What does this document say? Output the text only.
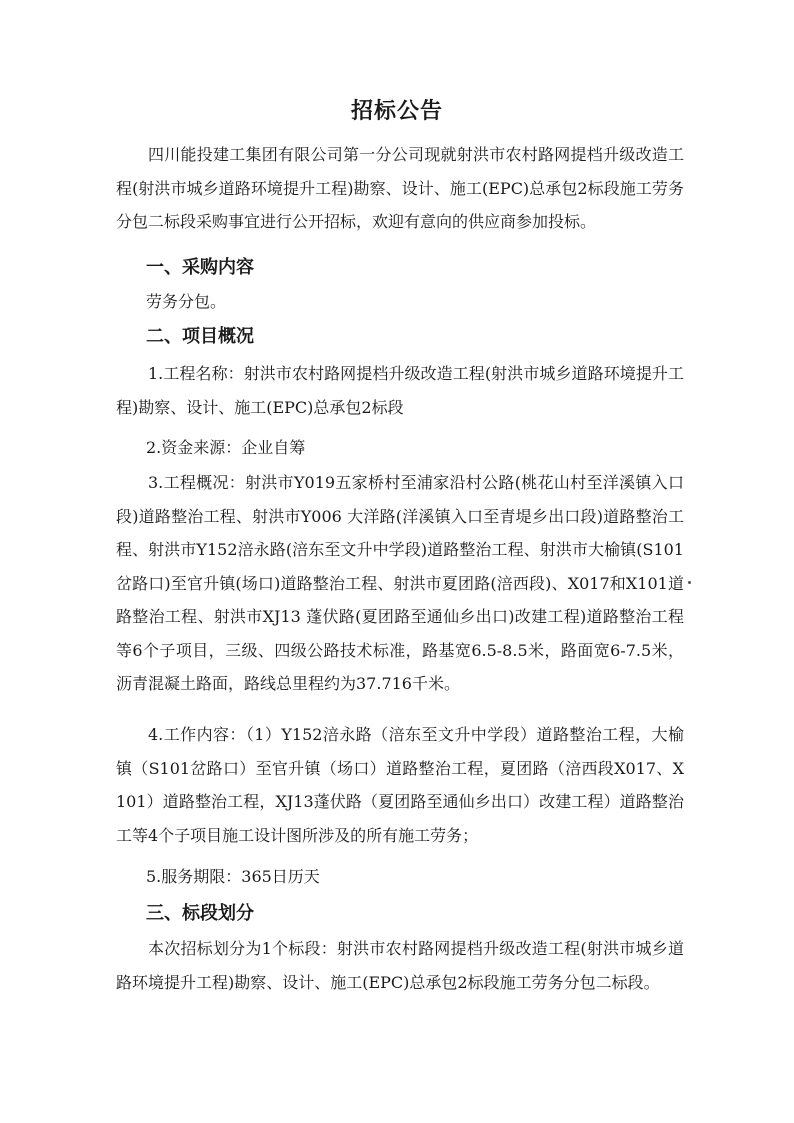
招标公告
四川能投建工集团有限公司第一分公司现就射洪市农村路网提档升级改造工程(射洪市城乡道路环境提升工程)勘察、设计、施工(EPC)总承包2标段施工劳务分包二标段采购事宜进行公开招标，欢迎有意向的供应商参加投标。
一、采购内容
劳务分包。
二、项目概况
1.工程名称：射洪市农村路网提档升级改造工程(射洪市城乡道路环境提升工程)勘察、设计、施工(EPC)总承包2标段
2.资金来源：企业自筹
3.工程概况：射洪市Y019五家桥村至浦家沿村公路(桃花山村至洋溪镇入口段)道路整治工程、射洪市Y006 大洋路(洋溪镇入口至青堤乡出口段)道路整治工程、射洪市Y152涪永路(涪东至文升中学段)道路整治工程、射洪市大榆镇(S101岔路口)至官升镇(场口)道路整治工程、射洪市夏团路(涪西段)、X017和X101道路整治工程、射洪市XJ13 蓬伏路(夏团路至通仙乡出口)改建工程)道路整治工程等6个子项目，三级、四级公路技术标准，路基宽6.5-8.5米，路面宽6-7.5米，沥青混凝土路面，路线总里程约为37.716千米。
4.工作内容：（1）Y152涪永路（涪东至文升中学段）道路整治工程，大榆镇（S101岔路口）至官升镇（场口）道路整治工程，夏团路（涪西段X017、X101）道路整治工程，XJ13蓬伏路（夏团路至通仙乡出口）改建工程）道路整治工等4个子项目施工设计图所涉及的所有施工劳务；
5.服务期限：365日历天
三、标段划分
本次招标划分为1个标段：射洪市农村路网提档升级改造工程(射洪市城乡道路环境提升工程)勘察、设计、施工(EPC)总承包2标段施工劳务分包二标段。
